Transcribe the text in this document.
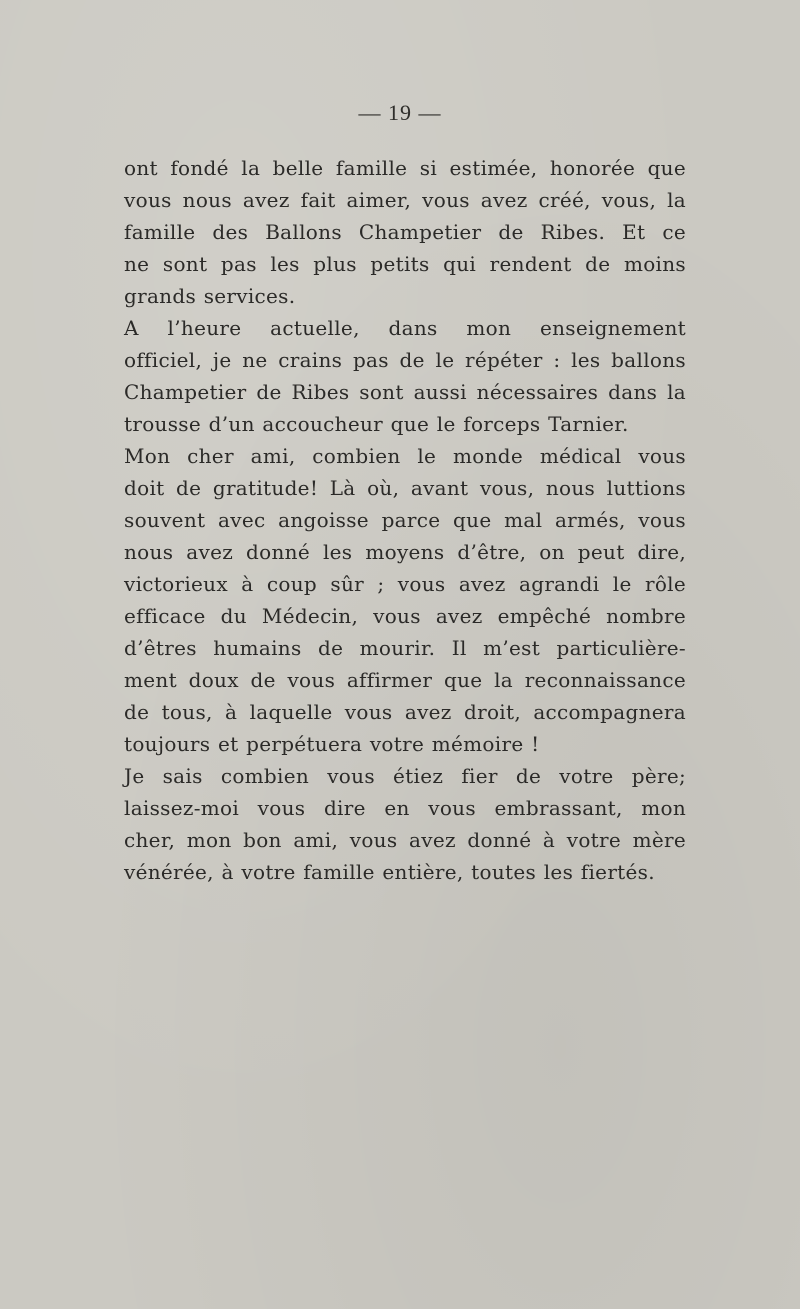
— 19 —
ont fondé la belle famille si estimée, honorée que
vous nous avez fait aimer, vous avez créé, vous, la
famille des Ballons Champetier de Ribes. Et ce
ne sont pas les plus petits qui rendent de moins
grands services.
A l’heure actuelle, dans mon enseignement
officiel, je ne crains pas de le répéter : les ballons
Champetier de Ribes sont aussi nécessaires dans la
trousse d’un accoucheur que le forceps Tarnier.
Mon cher ami, combien le monde médical vous
doit de gratitude! Là où, avant vous, nous luttions
souvent avec angoisse parce que mal armés, vous
nous avez donné les moyens d’être, on peut dire,
victorieux à coup sûr ; vous avez agrandi le rôle
efficace du Médecin, vous avez empêché nombre
d’êtres humains de mourir. Il m’est particulière-
ment doux de vous affirmer que la reconnaissance
de tous, à laquelle vous avez droit, accompagnera
toujours et perpétuera votre mémoire !
Je sais combien vous étiez fier de votre père;
laissez-moi vous dire en vous embrassant, mon
cher, mon bon ami, vous avez donné à votre mère
vénérée, à votre famille entière, toutes les fiertés.
